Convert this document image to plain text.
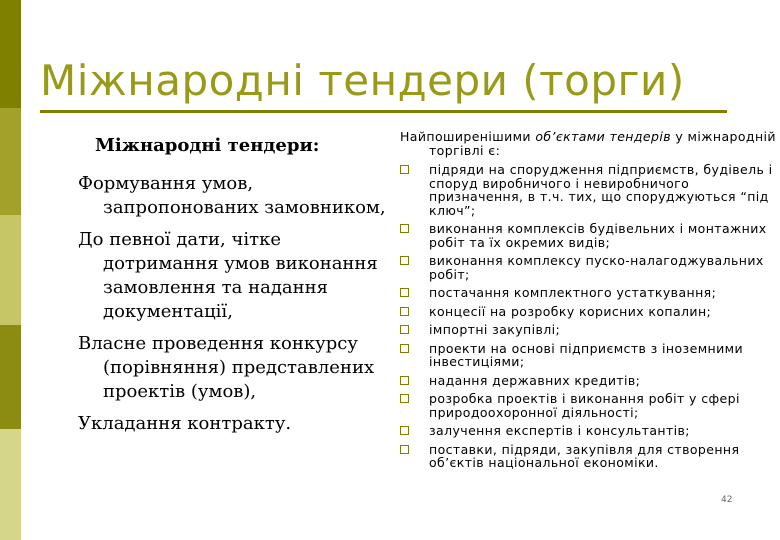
Міжнародні тендери (торги)
Міжнародні тендери:
Формування умов, запропонованих замовником,
До певної дати, чітке дотримання умов виконання замовлення та надання документації,
Власне проведення конкурсу (порівняння) представлених проектів (умов),
Укладання контракту.
Найпоширенішими об’єктами тендерів у міжнародній торгівлі є:
підряди на спорудження підприємств, будівель і споруд виробничого і невиробничого призначення, в т.ч. тих, що споруджуються “під ключ”;
виконання комплексів будівельних і монтажних робіт та їх окремих видів;
виконання комплексу пуско-налагоджувальних робіт;
постачання комплектного устаткування;
концесії на розробку корисних копалин;
імпортні закупівлі;
проекти на основі підприємств з іноземними інвестиціями;
надання державних кредитів;
розробка проектів і виконання робіт у сфері природоохоронної діяльності;
залучення експертів і консультантів;
поставки, підряди, закупівля для створення об’єктів національної економіки.
42
